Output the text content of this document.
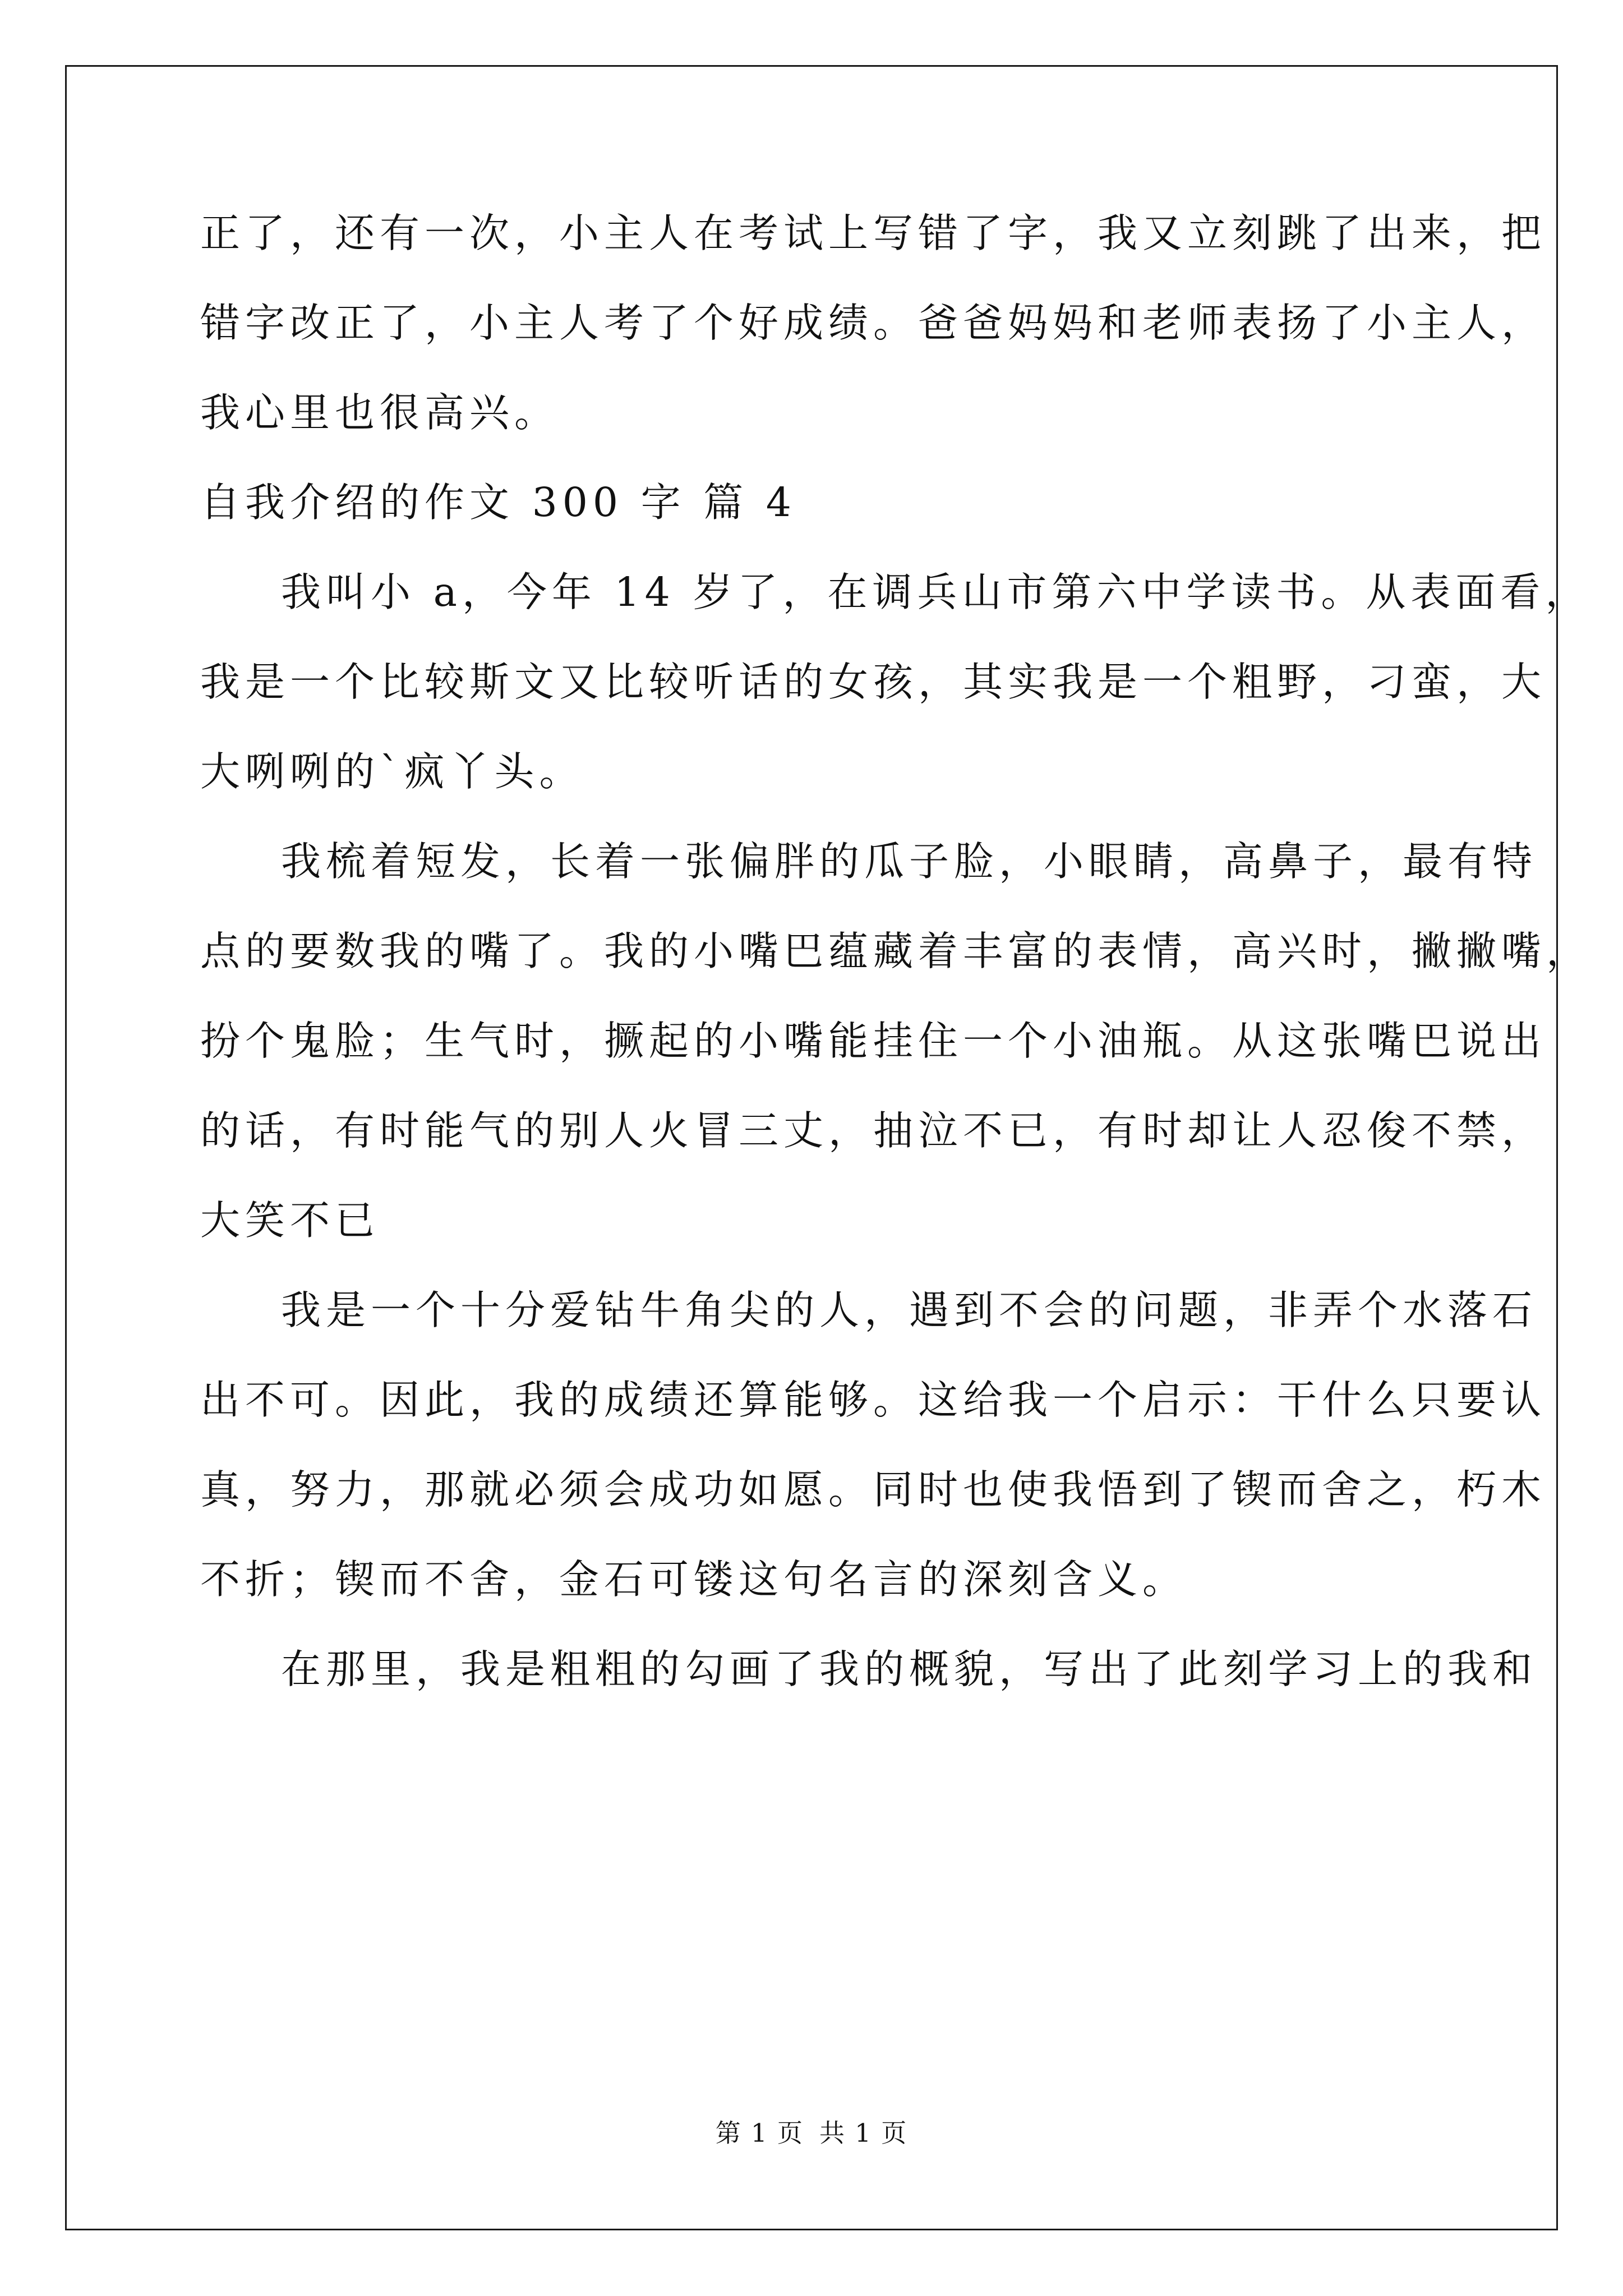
正了，还有一次，小主人在考试上写错了字，我又立刻跳了出来，把
错字改正了，小主人考了个好成绩。爸爸妈妈和老师表扬了小主人，
我心里也很高兴。
自我介绍的作文 300 字 篇 4
我叫小 a，今年 14 岁了，在调兵山市第六中学读书。从表面看，
我是一个比较斯文又比较听话的女孩，其实我是一个粗野，刁蛮，大
大咧咧的`疯丫头。
我梳着短发，长着一张偏胖的瓜子脸，小眼睛，高鼻子，最有特
点的要数我的嘴了。我的小嘴巴蕴藏着丰富的表情，高兴时，撇撇嘴，
扮个鬼脸；生气时，撅起的小嘴能挂住一个小油瓶。从这张嘴巴说出
的话，有时能气的别人火冒三丈，抽泣不已，有时却让人忍俊不禁，
大笑不已
我是一个十分爱钻牛角尖的人，遇到不会的问题，非弄个水落石
出不可。因此，我的成绩还算能够。这给我一个启示：干什么只要认
真，努力，那就必须会成功如愿。同时也使我悟到了锲而舍之，朽木
不折；锲而不舍，金石可镂这句名言的深刻含义。
在那里，我是粗粗的勾画了我的概貌，写出了此刻学习上的我和
第 1 页 共 1 页
